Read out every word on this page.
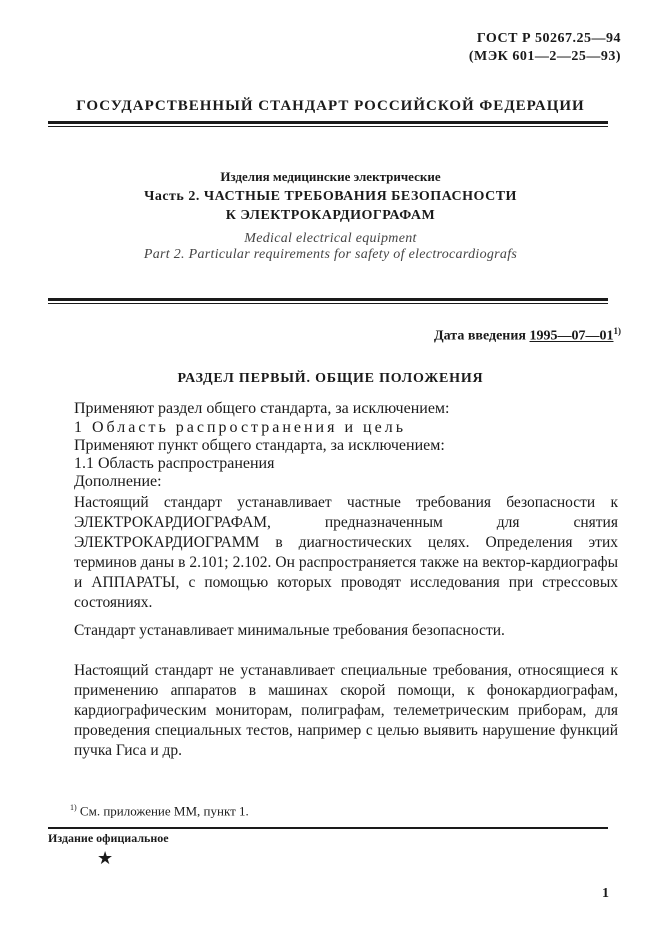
ГОСТ Р 50267.25—94
(МЭК 601—2—25—93)
ГОСУДАРСТВЕННЫЙ СТАНДАРТ РОССИЙСКОЙ ФЕДЕРАЦИИ
Изделия медицинские электрические
Часть 2. ЧАСТНЫЕ ТРЕБОВАНИЯ БЕЗОПАСНОСТИ
К ЭЛЕКТРОКАРДИОГРАФАМ
Medical electrical equipment
Part 2. Particular requirements for safety of electrocardiografs
Дата введения 1995—07—01$^{1)}$
РАЗДЕЛ ПЕРВЫЙ. ОБЩИЕ ПОЛОЖЕНИЯ
Применяют раздел общего стандарта, за исключением:
1 Область распространения и цель
Применяют пункт общего стандарта, за исключением:
1.1 Область распространения
Дополнение:
Настоящий стандарт устанавливает частные требования безопасности к ЭЛЕКТРОКАРДИОГРАФАМ, предназначенным для снятия ЭЛЕКТРОКАРДИОГРАММ в диагностических целях. Определения этих терминов даны в 2.101; 2.102. Он распространяется также на вектор-кардиографы и АППАРАТЫ, с помощью которых проводят исследования при стрессовых состояниях.
Стандарт устанавливает минимальные требования безопасности.
Настоящий стандарт не устанавливает специальные требования, относящиеся к применению аппаратов в машинах скорой помощи, к фонокардиографам, кардиографическим мониторам, полиграфам, телеметрическим приборам, для проведения специальных тестов, например с целью выявить нарушение функций пучка Гиса и др.
$^{1)}$ См. приложение ММ, пункт 1.
Издание официальное
★
1
